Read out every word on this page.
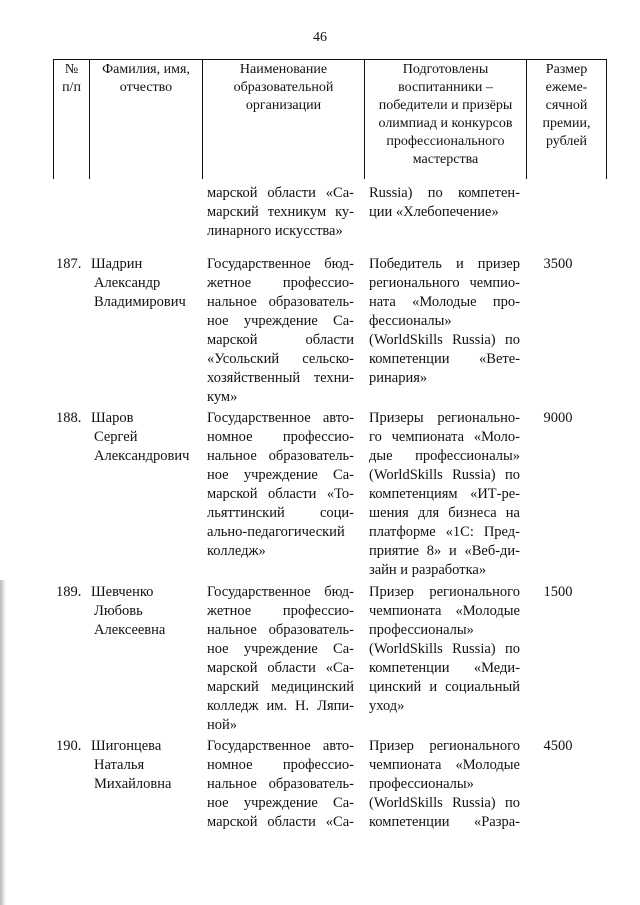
46
№
п/п
Фамилия, имя,
отчество
Наименование
образовательной
организации
Подготовлены
воспитанники –
победители и призёры
олимпиад и конкурсов
профессионального
мастерства
Размер
ежеме-
сячной
премии,
рублей
марской области «Са-
марский техникум ку-
линарного искусства»
Russia) по компетен-
ции «Хлебопечение»
187. Шадрин
Александр
Владимирович
Государственное бюд-
жетное профессио-
нальное образователь-
ное учреждение Са-
марской области
«Усольский сельско-
хозяйственный техни-
кум»
Победитель и призер
регионального чемпио-
ната «Молодые про-
фессионалы»
(WorldSkills Russia) по
компетенции «Вете-
ринария»
3500
188. Шаров
Сергей
Александрович
Государственное авто-
номное профессио-
нальное образователь-
ное учреждение Са-
марской области «То-
льяттинский соци-
ально-педагогический
колледж»
Призеры регионально-
го чемпионата «Моло-
дые профессионалы»
(WorldSkills Russia) по
компетенциям «ИТ-ре-
шения для бизнеса на
платформе «1С: Пред-
приятие 8» и «Веб-ди-
зайн и разработка»
9000
189. Шевченко
Любовь
Алексеевна
Государственное бюд-
жетное профессио-
нальное образователь-
ное учреждение Са-
марской области «Са-
марский медицинский
колледж им. Н. Ляпи-
ной»
Призер регионального
чемпионата «Молодые
профессионалы»
(WorldSkills Russia) по
компетенции «Меди-
цинский и социальный
уход»
1500
190. Шигонцева
Наталья
Михайловна
Государственное авто-
номное профессио-
нальное образователь-
ное учреждение Са-
марской области «Са-
Призер регионального
чемпионата «Молодые
профессионалы»
(WorldSkills Russia) по
компетенции «Разра-
4500
